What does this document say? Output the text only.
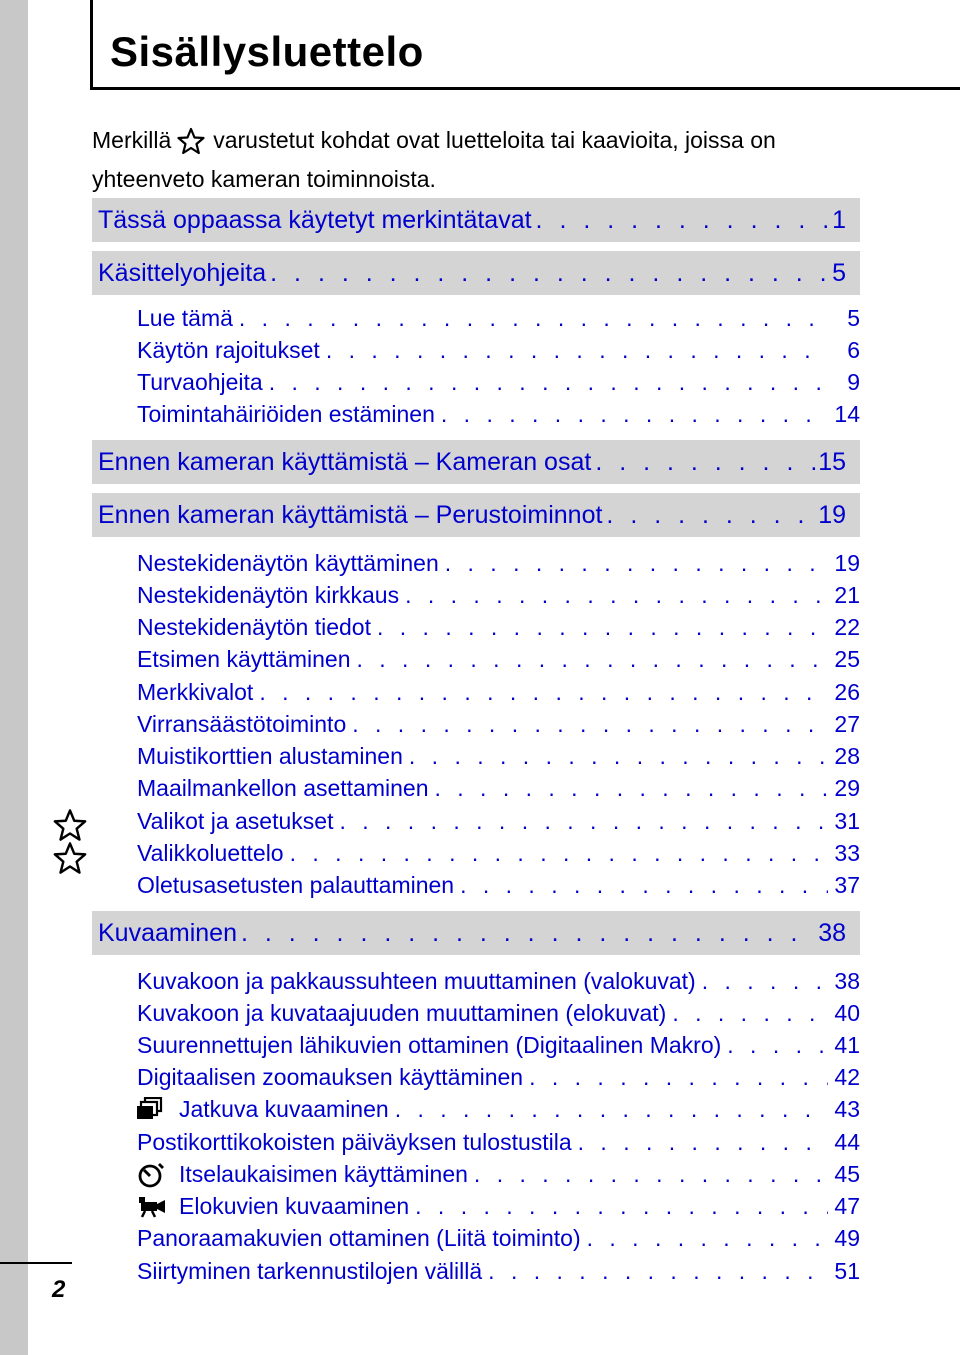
Sisällysluettelo
Merkillä varustetut kohdat ovat luetteloita tai kaavioita, joissa on yhteenveto kameran toiminnoista.
Tässä oppaassa käytetyt merkintätavat . . .	1
Käsittelyohjeita . . .	5
Lue tämä . . .	5
Käytön rajoitukset . . .	6
Turvaohjeita . . .	9
Toimintahäiriöiden estäminen . . .	14
Ennen kameran käyttämistä – Kameran osat . . .	15
Ennen kameran käyttämistä – Perustoiminnot . . .	19
Nestekidenäytön käyttäminen . . .	19
Nestekidenäytön kirkkaus . . .	21
Nestekidenäytön tiedot . . .	22
Etsimen käyttäminen . . .	25
Merkkivalot . . .	26
Virransäästötoiminto . . .	27
Muistikorttien alustaminen . . .	28
Maailmankellon asettaminen . . .	29
Valikot ja asetukset . . .	31
Valikkoluettelo . . .	33
Oletusasetusten palauttaminen . . .	37
Kuvaaminen . . .	38
Kuvakoon ja pakkaussuhteen muuttaminen (valokuvat) . . .	38
Kuvakoon ja kuvataajuuden muuttaminen (elokuvat) . . .	40
Suurennettujen lähikuvien ottaminen (Digitaalinen Makro) . . .	41
Digitaalisen zoomauksen käyttäminen . . .	42
Jatkuva kuvaaminen . . .	43
Postikorttikokoisten päiväyksen tulostustila . . .	44
Itselaukaisimen käyttäminen . . .	45
Elokuvien kuvaaminen . . .	47
Panoraamakuvien ottaminen (Liitä toiminto) . . .	49
Siirtyminen tarkennustilojen välillä . . .	51
2
